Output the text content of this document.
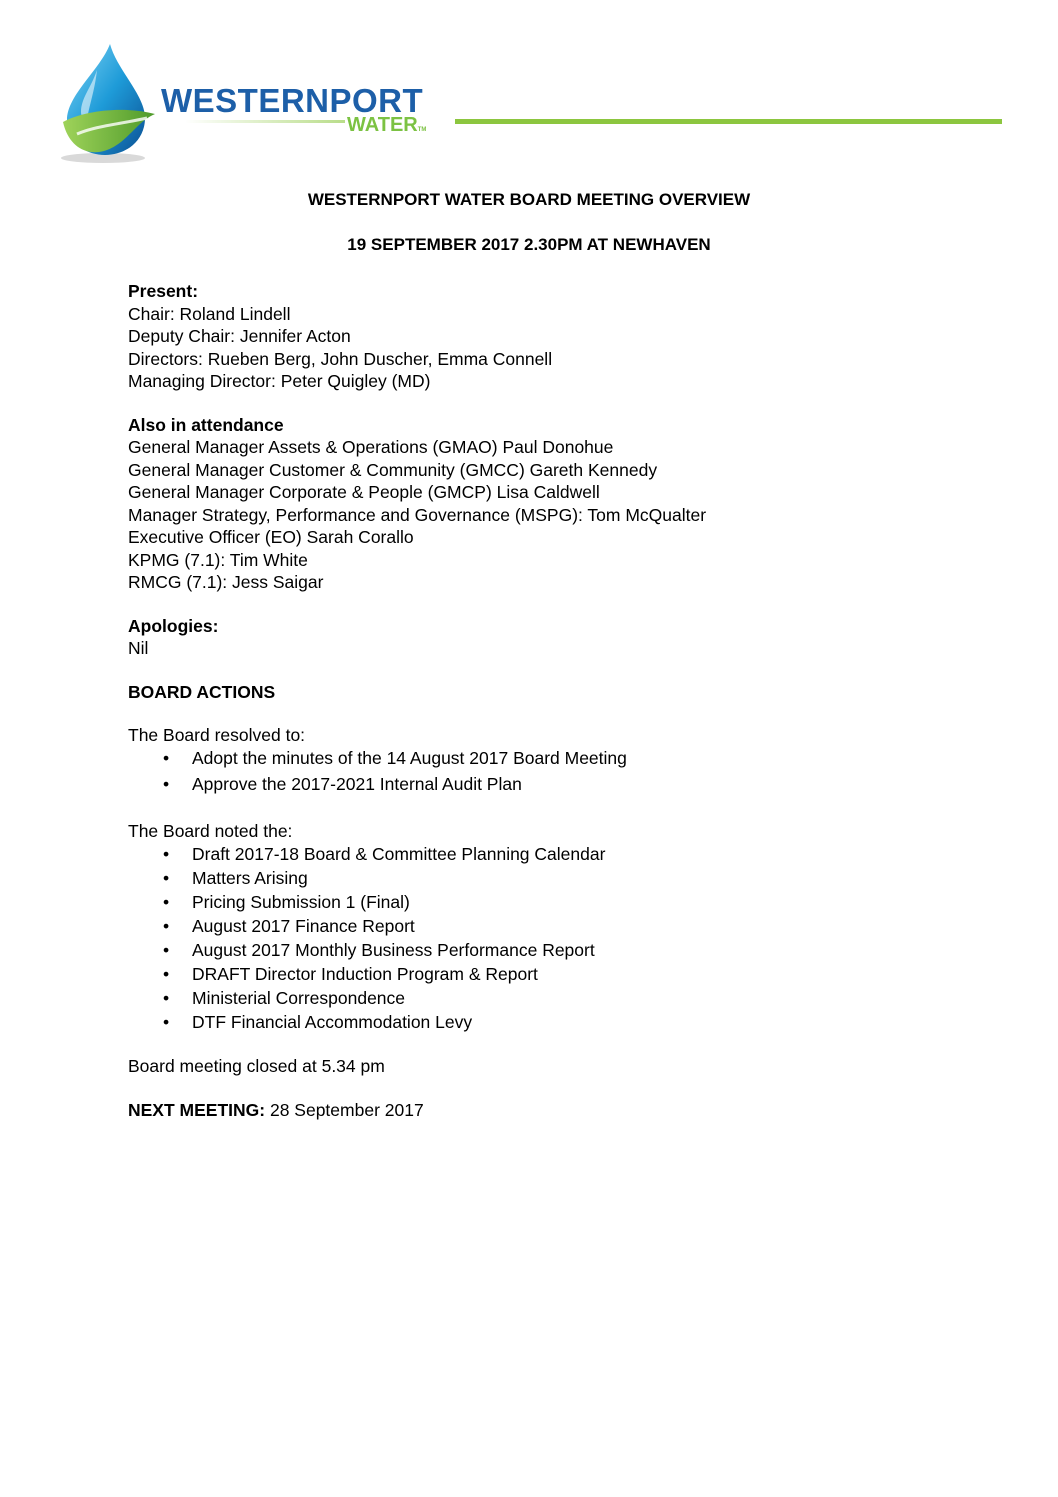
WESTERNPORT
WATERTM
WESTERNPORT WATER BOARD MEETING OVERVIEW
19 SEPTEMBER 2017 2.30PM AT NEWHAVEN

Present:

Chair: Roland Lindell

Deputy Chair: Jennifer Acton

Directors: Rueben Berg, John Duscher, Emma Connell

Managing Director: Peter Quigley (MD)

Also in attendance

General Manager Assets & Operations (GMAO) Paul Donohue

General Manager Customer & Community (GMCC) Gareth Kennedy

General Manager Corporate & People (GMCP) Lisa Caldwell

Manager Strategy, Performance and Governance (MSPG): Tom McQualter

Executive Officer (EO) Sarah Corallo

KPMG (7.1): Tim White

RMCG (7.1): Jess Saigar

Apologies:

Nil

BOARD ACTIONS

The Board resolved to:

• Adopt the minutes of the 14 August 2017 Board Meeting
• Approve the 2017-2021 Internal Audit Plan

The Board noted the:

• Draft 2017-18 Board & Committee Planning Calendar
• Matters Arising
• Pricing Submission 1 (Final)
• August 2017 Finance Report
• August 2017 Monthly Business Performance Report
• DRAFT Director Induction Program & Report
• Ministerial Correspondence
• DTF Financial Accommodation Levy

Board meeting closed at 5.34 pm

NEXT MEETING: 28 September 2017
